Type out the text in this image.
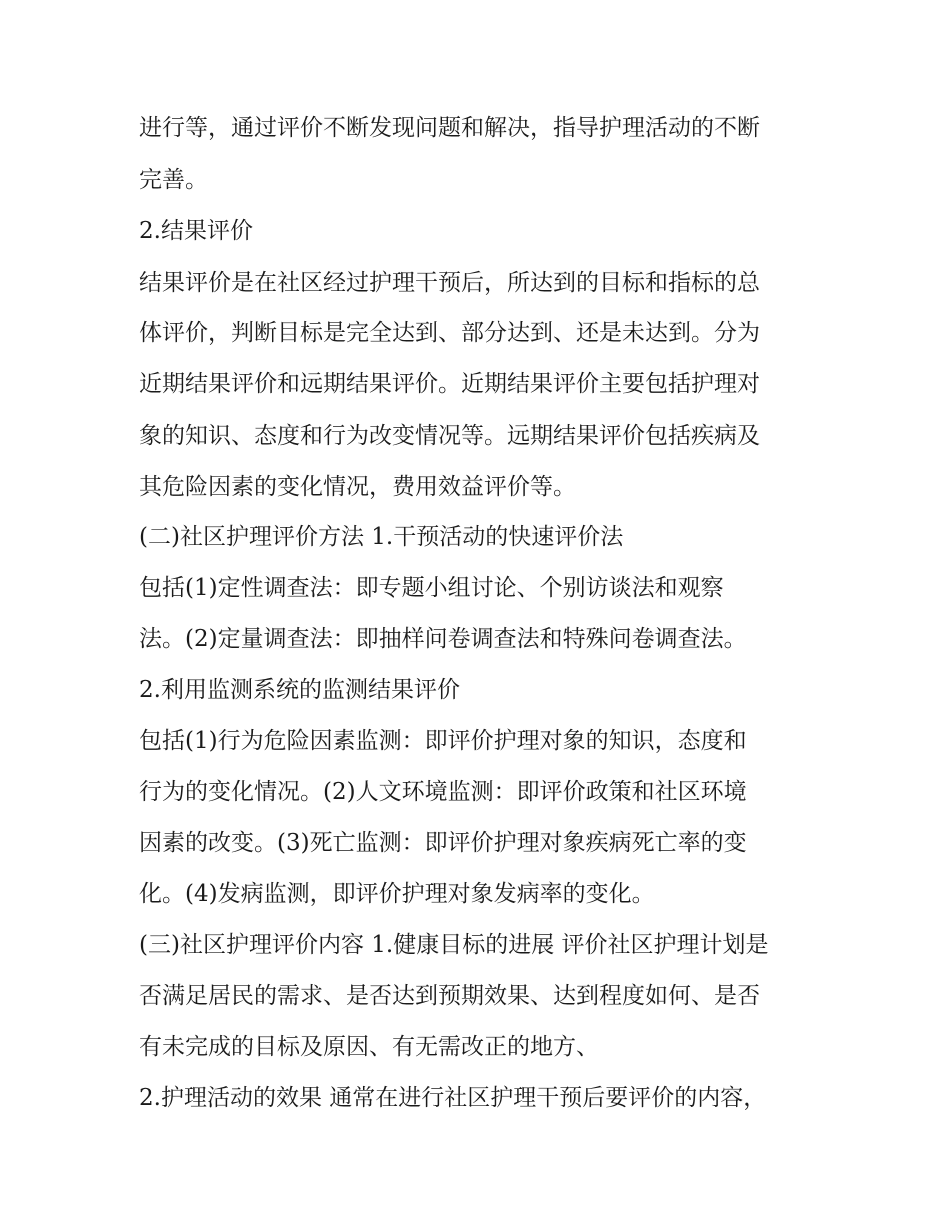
进行等，通过评价不断发现问题和解决，指导护理活动的不断
完善。
2.结果评价
结果评价是在社区经过护理干预后，所达到的目标和指标的总
体评价，判断目标是完全达到、部分达到、还是未达到。分为
近期结果评价和远期结果评价。近期结果评价主要包括护理对
象的知识、态度和行为改变情况等。远期结果评价包括疾病及
其危险因素的变化情况，费用效益评价等。
(二)社区护理评价方法 1.干预活动的快速评价法
包括(1)定性调查法：即专题小组讨论、个别访谈法和观察
法。(2)定量调查法：即抽样问卷调查法和特殊问卷调查法。
2.利用监测系统的监测结果评价
包括(1)行为危险因素监测：即评价护理对象的知识，态度和
行为的变化情况。(2)人文环境监测：即评价政策和社区环境
因素的改变。(3)死亡监测：即评价护理对象疾病死亡率的变
化。(4)发病监测，即评价护理对象发病率的变化。
(三)社区护理评价内容 1.健康目标的进展 评价社区护理计划是
否满足居民的需求、是否达到预期效果、达到程度如何、是否
有未完成的目标及原因、有无需改正的地方、
2.护理活动的效果 通常在进行社区护理干预后要评价的内容，
